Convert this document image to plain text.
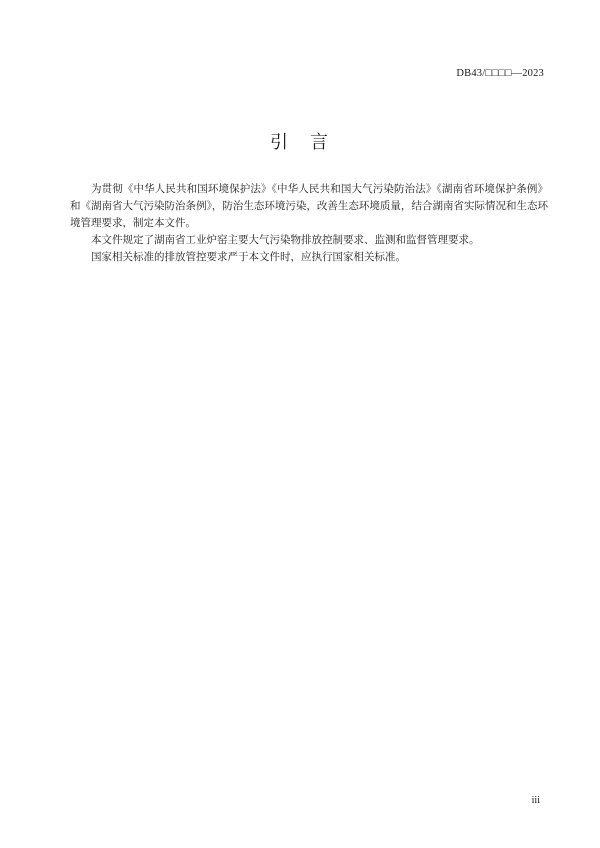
DB43/□□□□—2023
引　言

为贯彻《中华人民共和国环境保护法》《中华人民共和国大气污染防治法》《湖南省环境保护条例》和《湖南省大气污染防治条例》，防治生态环境污染，改善生态环境质量，结合湖南省实际情况和生态环境管理要求，制定本文件。

本文件规定了湖南省工业炉窑主要大气污染物排放控制要求、监测和监督管理要求。

国家相关标准的排放管控要求严于本文件时，应执行国家相关标准。

iii
